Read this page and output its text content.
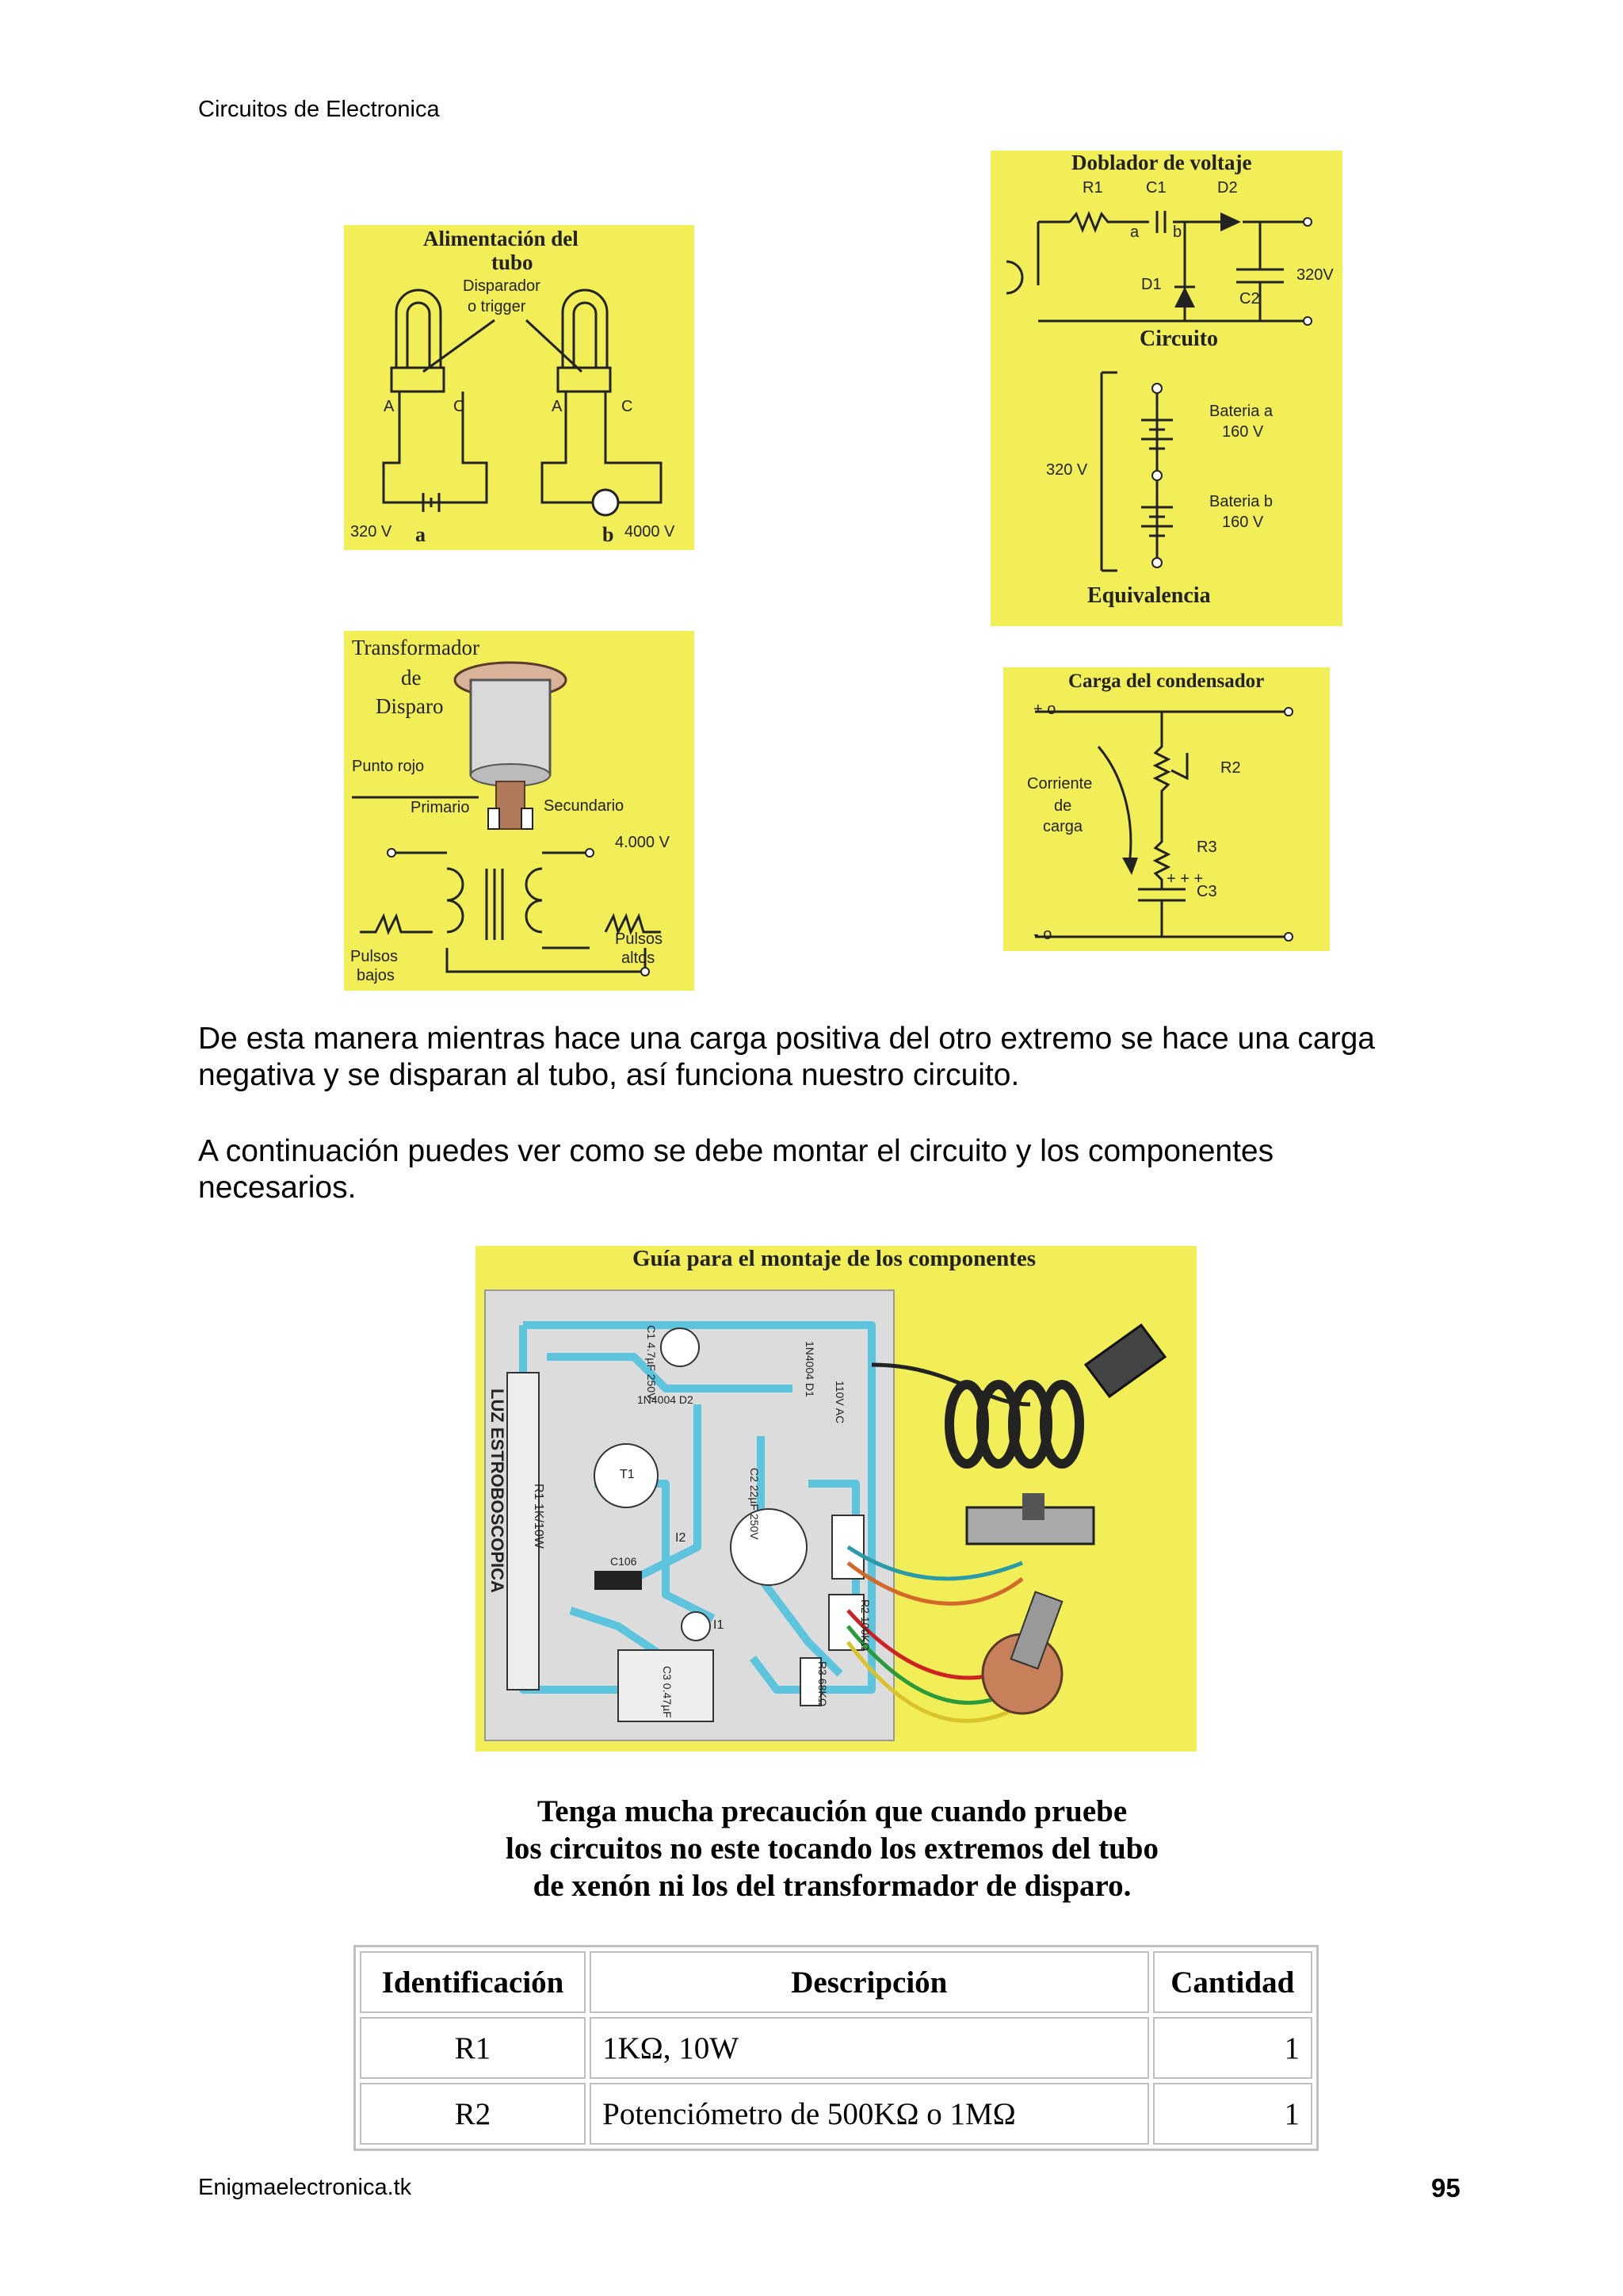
Circuitos de Electronica
Alimentación del
tubo
Disparador
o trigger
A	C	A	C
320 V a	b 4000 V
Doblador de voltaje
R1	C1	D2
a b
D1
C2
320V
Circuito
Bateria a
160 V
320 V
Bateria b
160 V
Equivalencia
Transformador
de
Disparo
Punto rojo
Primario	Secundario
4.000 V
Pulsos
bajos
Pulsos
altos
Carga del condensador
+ o
- o
R2
R3
+ + +
C3
Corriente
de
carga
De esta manera mientras hace una carga positiva del otro extremo se hace una carga
negativa y se disparan al tubo, así funciona nuestro circuito.
A continuación puedes ver como se debe montar el circuito y los componentes
necesarios.
Guía para el montaje de los componentes
LUZ ESTROBOSCOPICA R1 1K/10W
1N4004 D2
1N4004 D1
C1 4.7µF 250V
C2 22µF 250V
C3 0.47µF
T1
I2
I1
C106
110V AC
R2 100KΩ
R3 68KΩ
Tenga mucha precaución que cuando pruebe
los circuitos no este tocando los extremos del tubo
de xenón ni los del transformador de disparo.
Identificación	Descripción	Cantidad
R1	1KΩ, 10W	1
R2	Potenciómetro de 500KΩ o 1MΩ	1
Enigmaelectronica.tk	95
